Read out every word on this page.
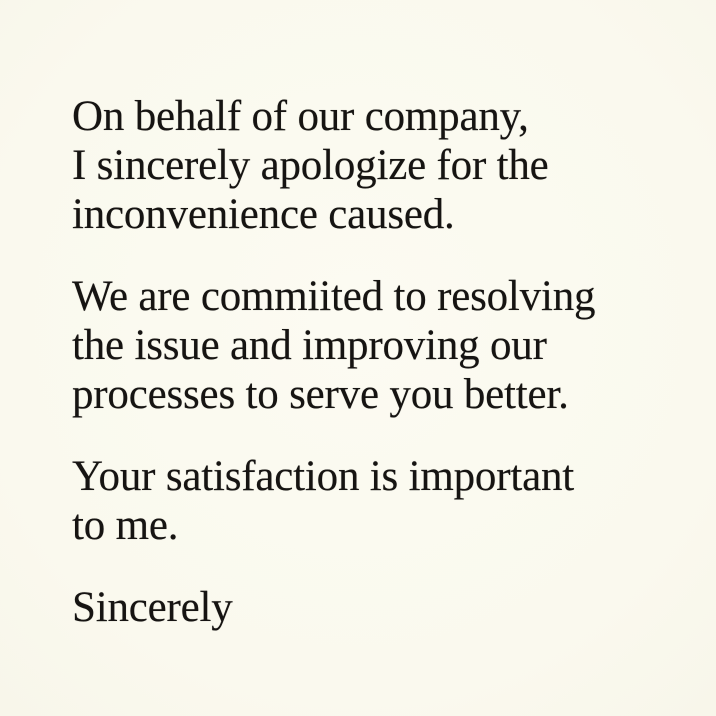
On behalf of our company,
I sincerely apologize for the
inconvenience caused.
We are commiited to resolving
the issue and improving our
processes to serve you better.
Your satisfaction is important
to me.
Sincerely
